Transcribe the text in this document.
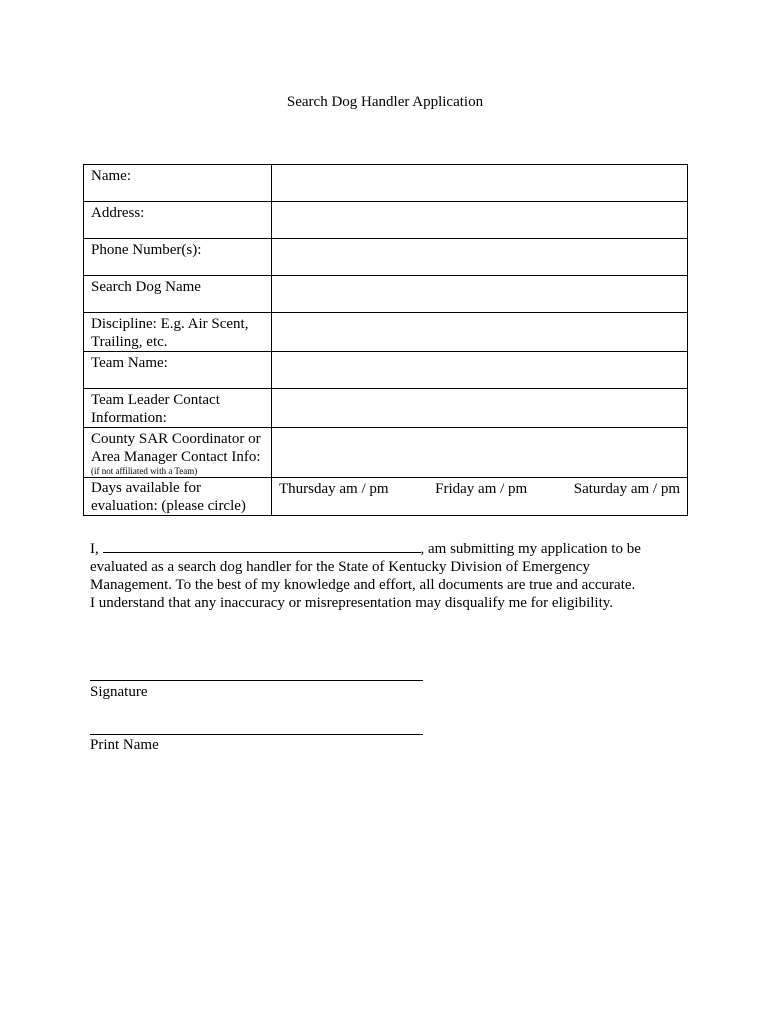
Search Dog Handler Application
Name:	
Address:	
Phone Number(s):	
Search Dog Name	
Discipline: E.g. Air Scent, Trailing, etc.	
Team Name:	
Team Leader Contact Information:	
County SAR Coordinator or Area Manager Contact Info:
(if not affiliated with a Team)	

Days available for evaluation: (please circle)	Thursday am / pm Friday am / pm Saturday am / pm
I,	, am submitting my application to be
evaluated as a search dog handler for the State of Kentucky Division of Emergency
Management. To the best of my knowledge and effort, all documents are true and accurate.
I understand that any inaccuracy or misrepresentation may disqualify me for eligibility.
Signature
Print Name
